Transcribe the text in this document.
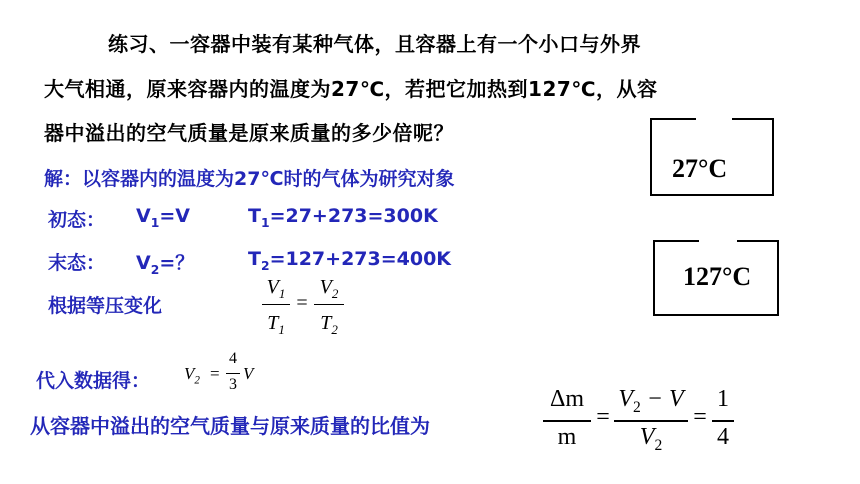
练习、一容器中装有某种气体，且容器上有一个小口与外界
大气相通，原来容器内的温度为27℃，若把它加热到127℃，从容
器中溢出的空气质量是原来质量的多少倍呢？
解：以容器内的温度为27℃时的气体为研究对象
初态： $V_1=V$	$T_1=27+273=300K$
末态： $V_2=$？	$T_2=127+273=400K$
根据等压变化
代入数据得：
从容器中溢出的空气质量与原来质量的比值为
27°C
127°C
$V_1$
$T_1$
=
$V_2$
$T_2$
$V_2$ =
4
3
V
Δm
m
=
$V_2 - V$
$V_2$
=
1
4
